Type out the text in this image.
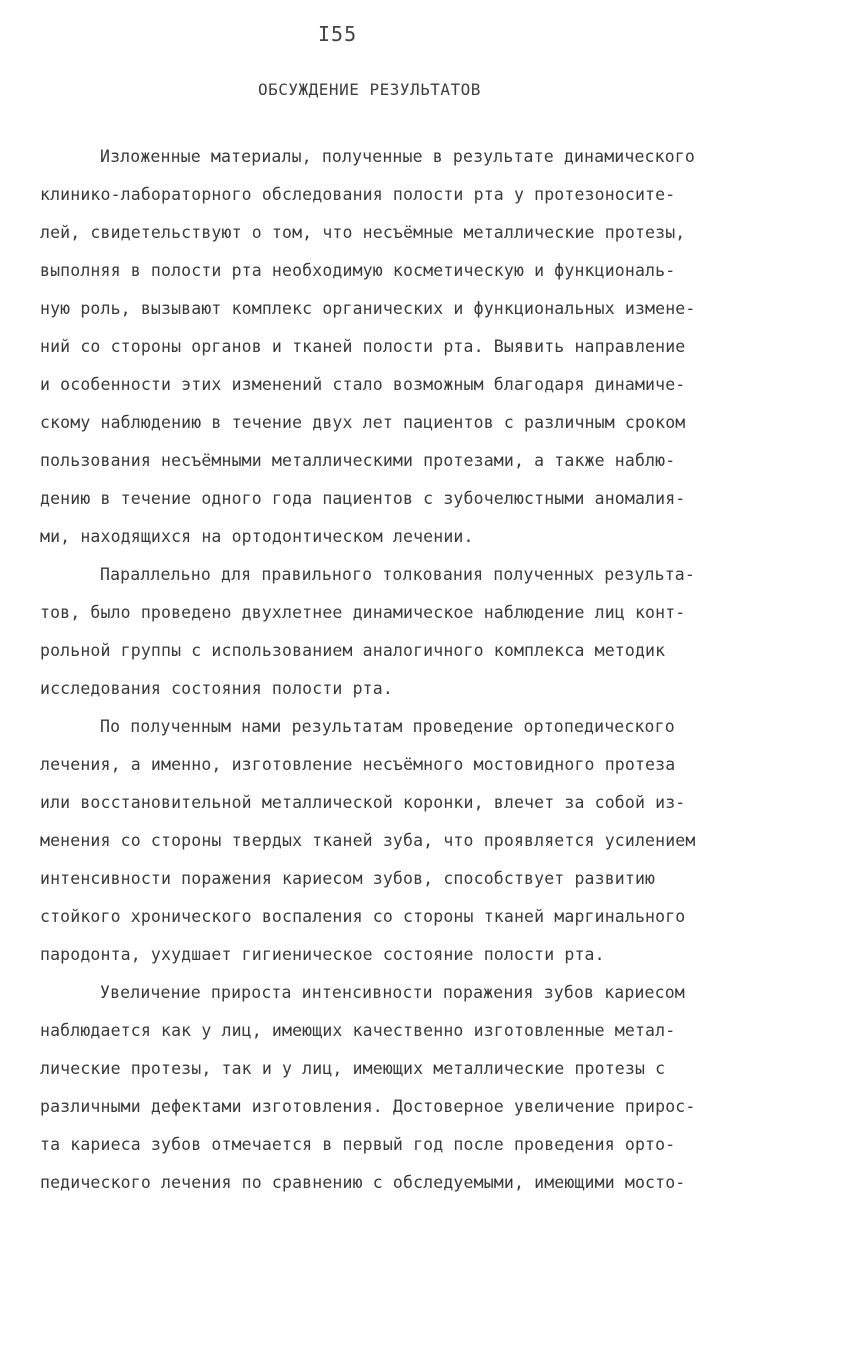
I55
ОБСУЖДЕНИЕ РЕЗУЛЬТАТОВ
Изложенные материалы, полученные в результате динамического
клинико-лабораторного обследования полости рта у протезоносите-
лей, свидетельствуют о том, что несъёмные металлические протезы,
выполняя в полости рта необходимую косметическую и функциональ-
ную роль, вызывают комплекс органических и функциональных измене-
ний со стороны органов и тканей полости рта. Выявить направление
и особенности этих изменений стало возможным благодаря динамиче-
скому наблюдению в течение двух лет пациентов с различным сроком
пользования несъёмными металлическими протезами, а также наблю-
дению в течение одного года пациентов с зубочелюстными аномалия-
ми, находящихся на ортодонтическом лечении.
Параллельно для правильного толкования полученных результа-
тов, было проведено двухлетнее динамическое наблюдение лиц конт-
рольной группы с использованием аналогичного комплекса методик
исследования состояния полости рта.
По полученным нами результатам проведение ортопедического
лечения, а именно, изготовление несъёмного мостовидного протеза
или восстановительной металлической коронки, влечет за собой из-
менения со стороны твердых тканей зуба, что проявляется усилением
интенсивности поражения кариесом зубов, способствует развитию
стойкого хронического воспаления со стороны тканей маргинального
пародонта, ухудшает гигиеническое состояние полости рта.
Увеличение прироста интенсивности поражения зубов кариесом
наблюдается как у лиц, имеющих качественно изготовленные метал-
лические протезы, так и у лиц, имеющих металлические протезы с
различными дефектами изготовления. Достоверное увеличение прирос-
та кариеса зубов отмечается в первый год после проведения орто-
педического лечения по сравнению с обследуемыми, имеющими мосто-
